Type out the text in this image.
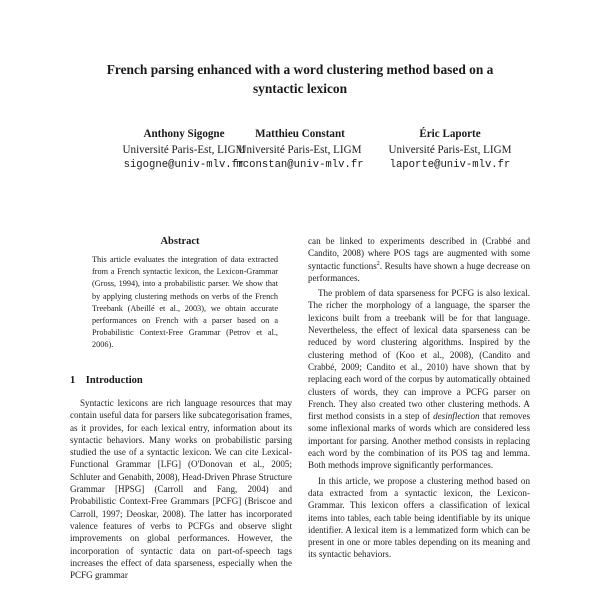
French parsing enhanced with a word clustering method based on a
syntactic lexicon
Anthony Sigogne
Université Paris-Est, LIGM
sigogne@univ-mlv.fr
Matthieu Constant
Université Paris-Est, LIGM
mconstan@univ-mlv.fr
Éric Laporte
Université Paris-Est, LIGM
laporte@univ-mlv.fr
Abstract

This article evaluates the integration of data extracted from a French syntactic lexicon, the Lexicon-Grammar (Gross, 1994), into a probabilistic parser. We show that by applying clustering methods on verbs of the French Treebank (Abeillé et al., 2003), we obtain accurate performances on French with a parser based on a Probabilistic Context-Free Grammar (Petrov et al., 2006).

1 Introduction

Syntactic lexicons are rich language resources that may contain useful data for parsers like subcategorisation frames, as it provides, for each lexical entry, information about its syntactic behaviors. Many works on probabilistic parsing studied the use of a syntactic lexicon. We can cite Lexical-Functional Grammar [LFG] (O'Donovan et al., 2005; Schluter and Genabith, 2008), Head-Driven Phrase Structure Grammar [HPSG] (Carroll and Fang, 2004) and Probabilistic Context-Free Grammars [PCFG] (Briscoe and Carroll, 1997; Deoskar, 2008). The latter has incorporated valence features of verbs to PCFGs and observe slight improvements on global performances. However, the incorporation of syntactic data on part-of-speech tags increases the effect of data sparseness, especially when the PCFG grammar

can be linked to experiments described in (Crabbé and Candito, 2008) where POS tags are augmented with some syntactic functions$^2$. Results have shown a huge decrease on performances.

The problem of data sparseness for PCFG is also lexical. The richer the morphology of a language, the sparser the lexicons built from a treebank will be for that language. Nevertheless, the effect of lexical data sparseness can be reduced by word clustering algorithms. Inspired by the clustering method of (Koo et al., 2008), (Candito and Crabbé, 2009; Candito et al., 2010) have shown that by replacing each word of the corpus by automatically obtained clusters of words, they can improve a PCFG parser on French. They also created two other clustering methods. A first method consists in a step of desinflection that removes some inflexional marks of words which are considered less important for parsing. Another method consists in replacing each word by the combination of its POS tag and lemma. Both methods improve significantly performances.

In this article, we propose a clustering method based on data extracted from a syntactic lexicon, the Lexicon-Grammar. This lexicon offers a classification of lexical items into tables, each table being identifiable by its unique identifier. A lexical item is a lemmatized form which can be present in one or more tables depending on its meaning and its syntactic behaviors.
